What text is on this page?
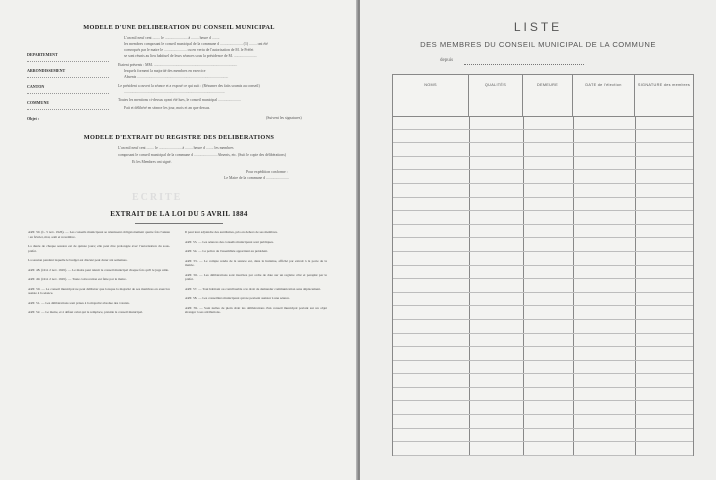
MODELE D'UNE DELIBERATION DU CONSEIL MUNICIPAL
L'an mil neuf cent ........ le ........................ à ........ heure d ........
les membres composant le conseil municipal de la commune d ........................ (1) ........ ont été
convoqués par le maire le ........................ ou en vertu de l'autorisation de M. le Préfet
se sont réunis au lieu habituel de leurs séances sous la présidence de M. ........................
Etaient présents : MM. ........................................................................................
lesquels forment la majorité des membres en exercice
Absents ................................................................................................
Le président a ouvert la séance et a exposé ce qui suit : (Résumer des faits soumis au conseil)
..........................................................................................................
Toutes les mentions ci-dessus ayant été lues, le conseil municipal ........................
Fait et délibéré en séance les jour, mois et an que dessus.
DEPARTEMENT
ARRONDISSEMENT
CANTON
COMMUNE
Objet :	(Suivent les signatures)
MODELE D'EXTRAIT DU REGISTRE DES DELIBERATIONS
L'an mil neuf cent ........ le ........................ à ........ heure d ........ les membres
composant le conseil municipal de la commune d ........................ Absents, etc. (Suit le copie des délibérations)
Et les Membres ont signé.
Pour expédition conforme :
Le Maire de la commune d ........................
ECRITE
EXTRAIT DE LA LOI DU 5 AVRIL 1884
ART. 50. (L. 5 nov. 1926). — Les conseils municipaux se réunissent obligatoirement quatre fois l'année : en février, mai, août et novembre.
La durée de chaque session est de quinze jours; elle peut être prolongée avec l'autorisation du sous-préfet.
La session pendant laquelle le budget est discuté peut durer six semaines.
ART. 48. (Ord. 2 nov. 1945). — Le maire peut réunir le conseil municipal chaque fois qu'il le juge utile.
ART. 49. (Ord. 2 nov. 1945). — Toute convocation est faite par le maire.
ART. 50. — Le conseil municipal ne peut délibérer que lorsque la majorité de ses membres en exercice assiste à la séance.
ART. 51. — Les délibérations sont prises à la majorité absolue des votants.
ART. 52. — Le maire, et à défaut celui qui le remplace, préside le conseil municipal.
Il peut leur adjoindre des auxiliaires, pris en dehors de ses membres.
ART. 53. — Les séances des conseils municipaux sont publiques.
ART. 54. — La police de l'assemblée appartient au président.
ART. 55. — Le compte rendu de la séance est, dans la huitaine, affiché par extrait à la porte de la mairie.
ART. 56. — Les délibérations sont inscrites par ordre de date sur un registre côté et paraphé par le préfet.
ART. 57. — Tout habitant ou contribuable a le droit de demander communication sans déplacement.
ART. 58. — Les conseillers municipaux qui ne peuvent assister à une séance.
ART. 59. — Sont nulles de plein droit les délibérations d'un conseil municipal portant sur un objet étranger à ses attributions.
LISTE
DES MEMBRES DU CONSEIL MUNICIPAL DE LA COMMUNE
depuis
NOMS	QUALITÉS	DEMEURE	DATE de l'élection	SIGNATURE des membres
